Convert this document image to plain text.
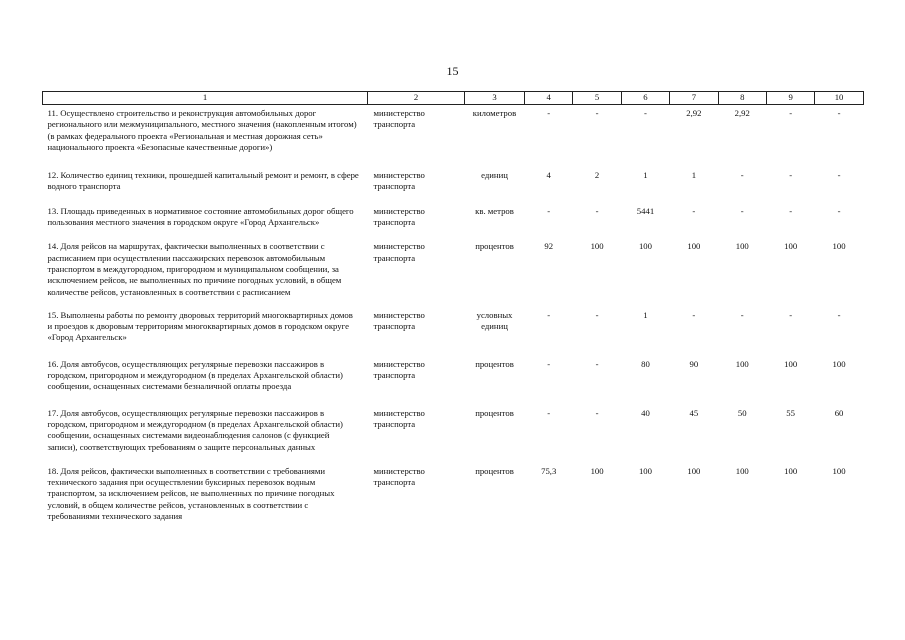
15
1	2	3	4	5	6	7	8	9	10
11. Осуществлено строительство и реконструкция автомобильных дорог регионального или межмуниципального, местного значения (накопленным итогом) (в рамках федерального проекта «Региональная и местная дорожная сеть» национального проекта «Безопасные качественные дороги»)	министерство транспорта	километров	-	-	-	2,92	2,92	-	-

12. Количество единиц техники, прошедшей капитальный ремонт и ремонт, в сфере водного транспорта	министерство транспорта	единиц	4	2	1	1	-	-	-

13. Площадь приведенных в нормативное состояние автомобильных дорог общего пользования местного значения в городском округе «Город Архангельск»	министерство транспорта	кв. метров	-	-	5441	-	-	-	-

14. Доля рейсов на маршрутах, фактически выполненных в соответствии с расписанием при осуществлении пассажирских перевозок автомобильным транспортом в междугородном, пригородном и муниципальном сообщении, за исключением рейсов, не выполненных по причине погодных условий, в общем количестве рейсов, установленных в соответствии с расписанием	министерство транспорта	процентов	92	100	100	100	100	100	100

15. Выполнены работы по ремонту дворовых территорий многоквартирных домов и проездов к дворовым территориям многоквартирных домов в городском округе «Город Архангельск»	министерство транспорта	условных единиц	-	-	1	-	-	-	-

16. Доля автобусов, осуществляющих регулярные перевозки пассажиров в городском, пригородном и междугородном (в пределах Архангельской области) сообщении, оснащенных системами безналичной оплаты проезда	министерство транспорта	процентов	-	-	80	90	100	100	100

17. Доля автобусов, осуществляющих регулярные перевозки пассажиров в городском, пригородном и междугородном (в пределах Архангельской области) сообщении, оснащенных системами видеонаблюдения салонов (с функцией записи), соответствующих требованиям о защите персональных данных	министерство транспорта	процентов	-	-	40	45	50	55	60

18. Доля рейсов, фактически выполненных в соответствии с требованиями технического задания при осуществлении буксирных перевозок водным транспортом, за исключением рейсов, не выполненных по причине погодных условий, в общем количестве рейсов, установленных в соответствии с требованиями технического задания	министерство транспорта	процентов	75,3	100	100	100	100	100	100
